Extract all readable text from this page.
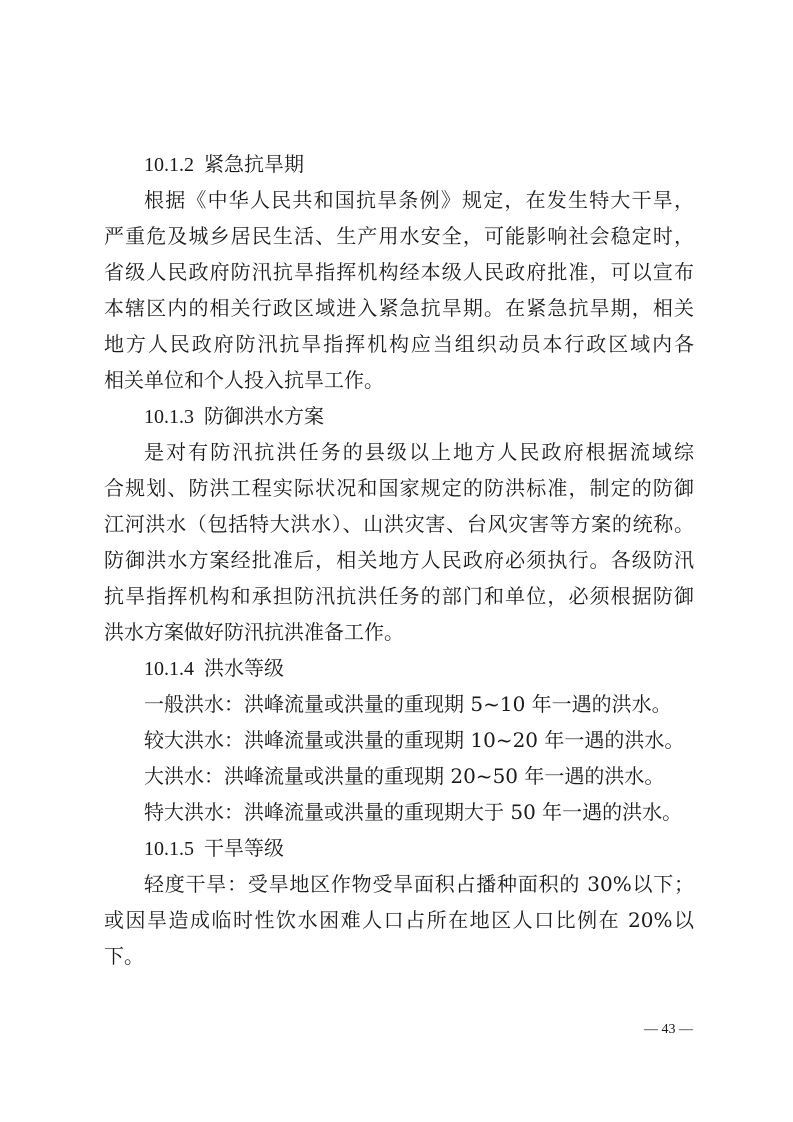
10.1.2 紧急抗旱期
根据《中华人民共和国抗旱条例》规定，在发生特大干旱，
严重危及城乡居民生活、生产用水安全，可能影响社会稳定时，
省级人民政府防汛抗旱指挥机构经本级人民政府批准，可以宣布
本辖区内的相关行政区域进入紧急抗旱期。在紧急抗旱期，相关
地方人民政府防汛抗旱指挥机构应当组织动员本行政区域内各
相关单位和个人投入抗旱工作。
10.1.3 防御洪水方案
是对有防汛抗洪任务的县级以上地方人民政府根据流域综
合规划、防洪工程实际状况和国家规定的防洪标准，制定的防御
江河洪水（包括特大洪水）、山洪灾害、台风灾害等方案的统称。
防御洪水方案经批准后，相关地方人民政府必须执行。各级防汛
抗旱指挥机构和承担防汛抗洪任务的部门和单位，必须根据防御
洪水方案做好防汛抗洪准备工作。
10.1.4 洪水等级
一般洪水：洪峰流量或洪量的重现期 5~10 年一遇的洪水。
较大洪水：洪峰流量或洪量的重现期 10~20 年一遇的洪水。
大洪水：洪峰流量或洪量的重现期 20~50 年一遇的洪水。
特大洪水：洪峰流量或洪量的重现期大于 50 年一遇的洪水。
10.1.5 干旱等级
轻度干旱：受旱地区作物受旱面积占播种面积的 30%以下；
或因旱造成临时性饮水困难人口占所在地区人口比例在 20%以
下。
— 43 —
